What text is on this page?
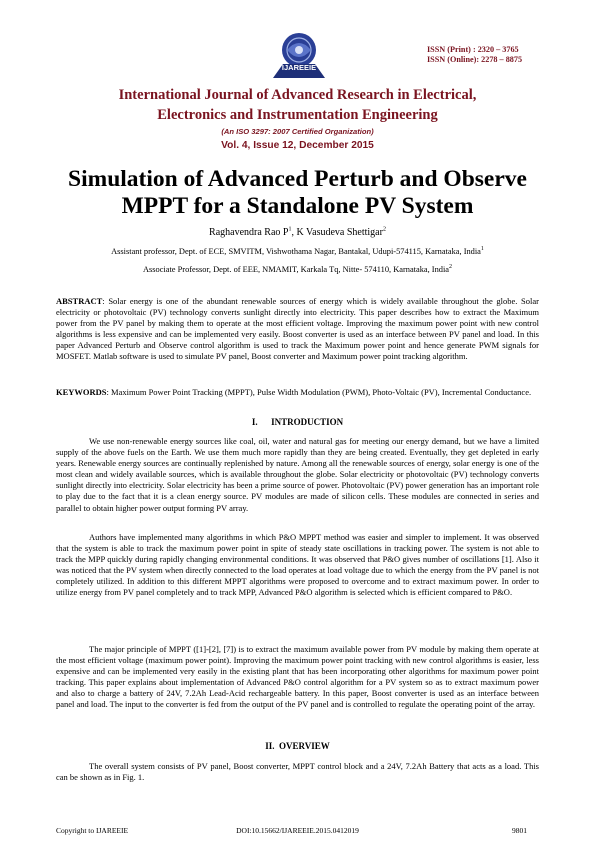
IJAREEIE
ISSN (Print) : 2320 – 3765
ISSN (Online): 2278 – 8875
International Journal of Advanced Research in Electrical,
Electronics and Instrumentation Engineering
(An ISO 3297: 2007 Certified Organization)
Vol. 4, Issue 12, December 2015
Simulation of Advanced Perturb and Observe
MPPT for a Standalone PV System
Raghavendra Rao $P^1$, K Vasudeva Shettigar$^2$
Assistant professor, Dept. of ECE, SMVITM, Vishwothama Nagar, Bantakal, Udupi-574115, Karnataka, India$^1$
Associate Professor, Dept. of EEE, NMAMIT, Karkala Tq, Nitte- 574110, Karnataka, India$^2$
ABSTRACT: Solar energy is one of the abundant renewable sources of energy which is widely available throughout the globe. Solar electricity or photovoltaic (PV) technology converts sunlight directly into electricity. This paper describes how to extract the Maximum power from the PV panel by making them to operate at the most efficient voltage. Improving the maximum power point with new control algorithms is less expensive and can be implemented very easily. Boost converter is used as an interface between PV panel and load. In this paper Advanced Perturb and Observe control algorithm is used to track the Maximum power point and hence generate PWM signals for MOSFET. Matlab software is used to simulate PV panel, Boost converter and Maximum power point tracking algorithm.
KEYWORDS: Maximum Power Point Tracking (MPPT), Pulse Width Modulation (PWM), Photo-Voltaic (PV), Incremental Conductance.
I.      INTRODUCTION
We use non-renewable energy sources like coal, oil, water and natural gas for meeting our energy demand, but we have a limited supply of the above fuels on the Earth. We use them much more rapidly than they are being created. Eventually, they get depleted in early years. Renewable energy sources are continually replenished by nature. Among all the renewable sources of energy, solar energy is one of the most clean and widely available sources, which is available throughout the globe. Solar electricity or photovoltaic (PV) technology converts sunlight directly into electricity. Solar electricity has been a prime source of power. Photovoltaic (PV) power generation has an important role to play due to the fact that it is a clean energy source. PV modules are made of silicon cells. These modules are connected in series and parallel to obtain higher power output forming PV array.
Authors have implemented many algorithms in which P&O MPPT method was easier and simpler to implement. It was observed that the system is able to track the maximum power point in spite of steady state oscillations in tracking power. The system is not able to track the MPP quickly during rapidly changing environmental conditions. It was observed that P&O gives number of oscillations [1]. Also it was noticed that the PV system when directly connected to the load operates at load voltage due to which the energy from the PV panel is not completely utilized. In addition to this different MPPT algorithms were proposed to overcome and to extract maximum power. In order to utilize energy from PV panel completely and to track MPP, Advanced P&O algorithm is selected which is efficient compared to P&O.
The major principle of MPPT ([1]-[2], [7]) is to extract the maximum available power from PV module by making them operate at the most efficient voltage (maximum power point). Improving the maximum power point tracking with new control algorithms is easier, less expensive and can be implemented very easily in the existing plant that has been incorporating other algorithms for maximum power point tracking. This paper explains about implementation of Advanced P&O control algorithm for a PV system so as to extract maximum power and also to charge a battery of 24V, 7.2Ah Lead-Acid rechargeable battery. In this paper, Boost converter is used as an interface between panel and load. The input to the converter is fed from the output of the PV panel and is controlled to regulate the operating point of the array.
II.  OVERVIEW
The overall system consists of PV panel, Boost converter, MPPT control block and a 24V, 7.2Ah Battery that acts as a load. This can be shown as in Fig. 1.
Copyright to IJAREEIE	DOI:10.15662/IJAREEIE.2015.0412019	9801
